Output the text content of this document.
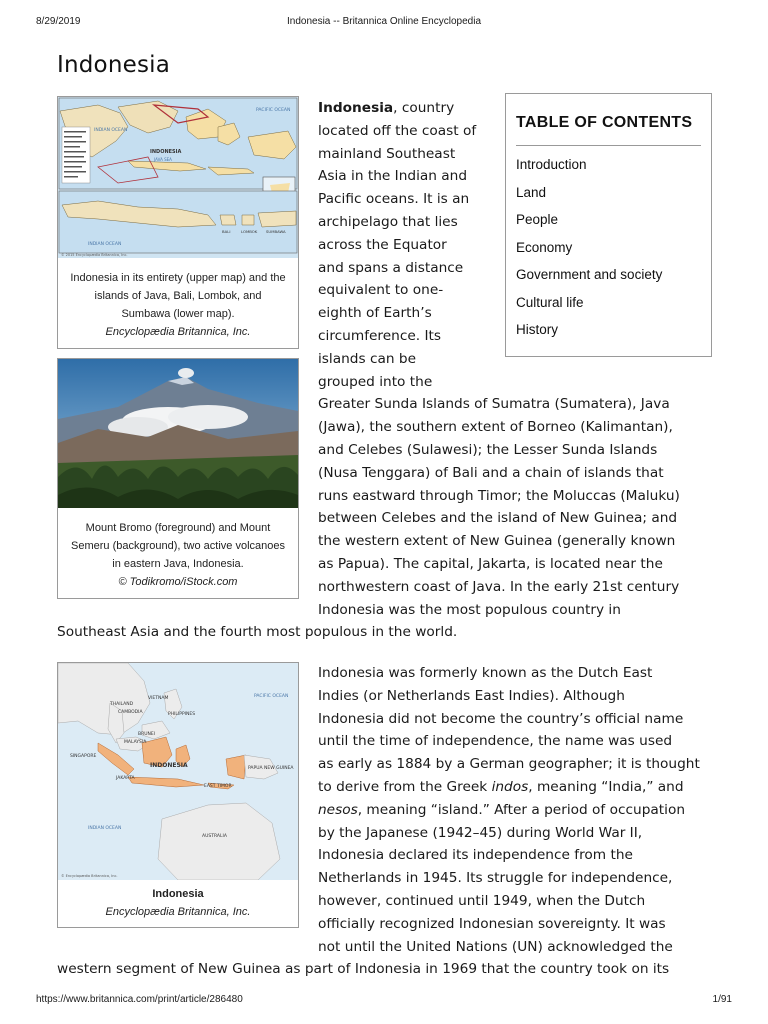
8/29/2019	Indonesia -- Britannica Online Encyclopedia
Indonesia
INDIAN OCEAN
PACIFIC OCEAN
INDONESIA
JAVA SEA
INDIAN OCEAN
BALI	LOMBOK SUMBAWA
© 2015 Encyclopædia Britannica, Inc.
Indonesia in its entirety (upper map) and the
islands of Java, Bali, Lombok, and
Sumbawa (lower map).
Encyclopædia Britannica, Inc.
Mount Bromo (foreground) and Mount
Semeru (background), two active volcanoes
in eastern Java, Indonesia.
© Todikromo/iStock.com
THAILAND
VIETNAM
CAMBODIA	PHILIPPINES
BRUNEI
MALAYSIA
SINGAPORE
INDONESIA
JAKARTA
EAST TIMOR
PAPUA NEW GUINEA
INDIAN OCEAN
PACIFIC OCEAN
AUSTRALIA
© Encyclopædia Britannica, Inc.
Indonesia
Encyclopædia Britannica, Inc.
TABLE OF CONTENTS
Introduction
Land
People
Economy
Government and society
Cultural life
History
Indonesia, country
located off the coast of
mainland Southeast
Asia in the Indian and
Pacific oceans. It is an
archipelago that lies
across the Equator
and spans a distance
equivalent to one-
eighth of Earth’s
circumference. Its
islands can be
grouped into the
Greater Sunda Islands of Sumatra (Sumatera), Java
(Jawa), the southern extent of Borneo (Kalimantan),
and Celebes (Sulawesi); the Lesser Sunda Islands
(Nusa Tenggara) of Bali and a chain of islands that
runs eastward through Timor; the Moluccas (Maluku)
between Celebes and the island of New Guinea; and
the western extent of New Guinea (generally known
as Papua). The capital, Jakarta, is located near the
northwestern coast of Java. In the early 21st century
Indonesia was the most populous country in
Southeast Asia and the fourth most populous in the world.
Indonesia was formerly known as the Dutch East
Indies (or Netherlands East Indies). Although
Indonesia did not become the country’s official name
until the time of independence, the name was used
as early as 1884 by a German geographer; it is thought
to derive from the Greek indos, meaning “India,” and
nesos, meaning “island.” After a period of occupation
by the Japanese (1942–45) during World War II,
Indonesia declared its independence from the
Netherlands in 1945. Its struggle for independence,
however, continued until 1949, when the Dutch
officially recognized Indonesian sovereignty. It was
not until the United Nations (UN) acknowledged the
western segment of New Guinea as part of Indonesia in 1969 that the country took on its
https://www.britannica.com/print/article/286480	1/91
